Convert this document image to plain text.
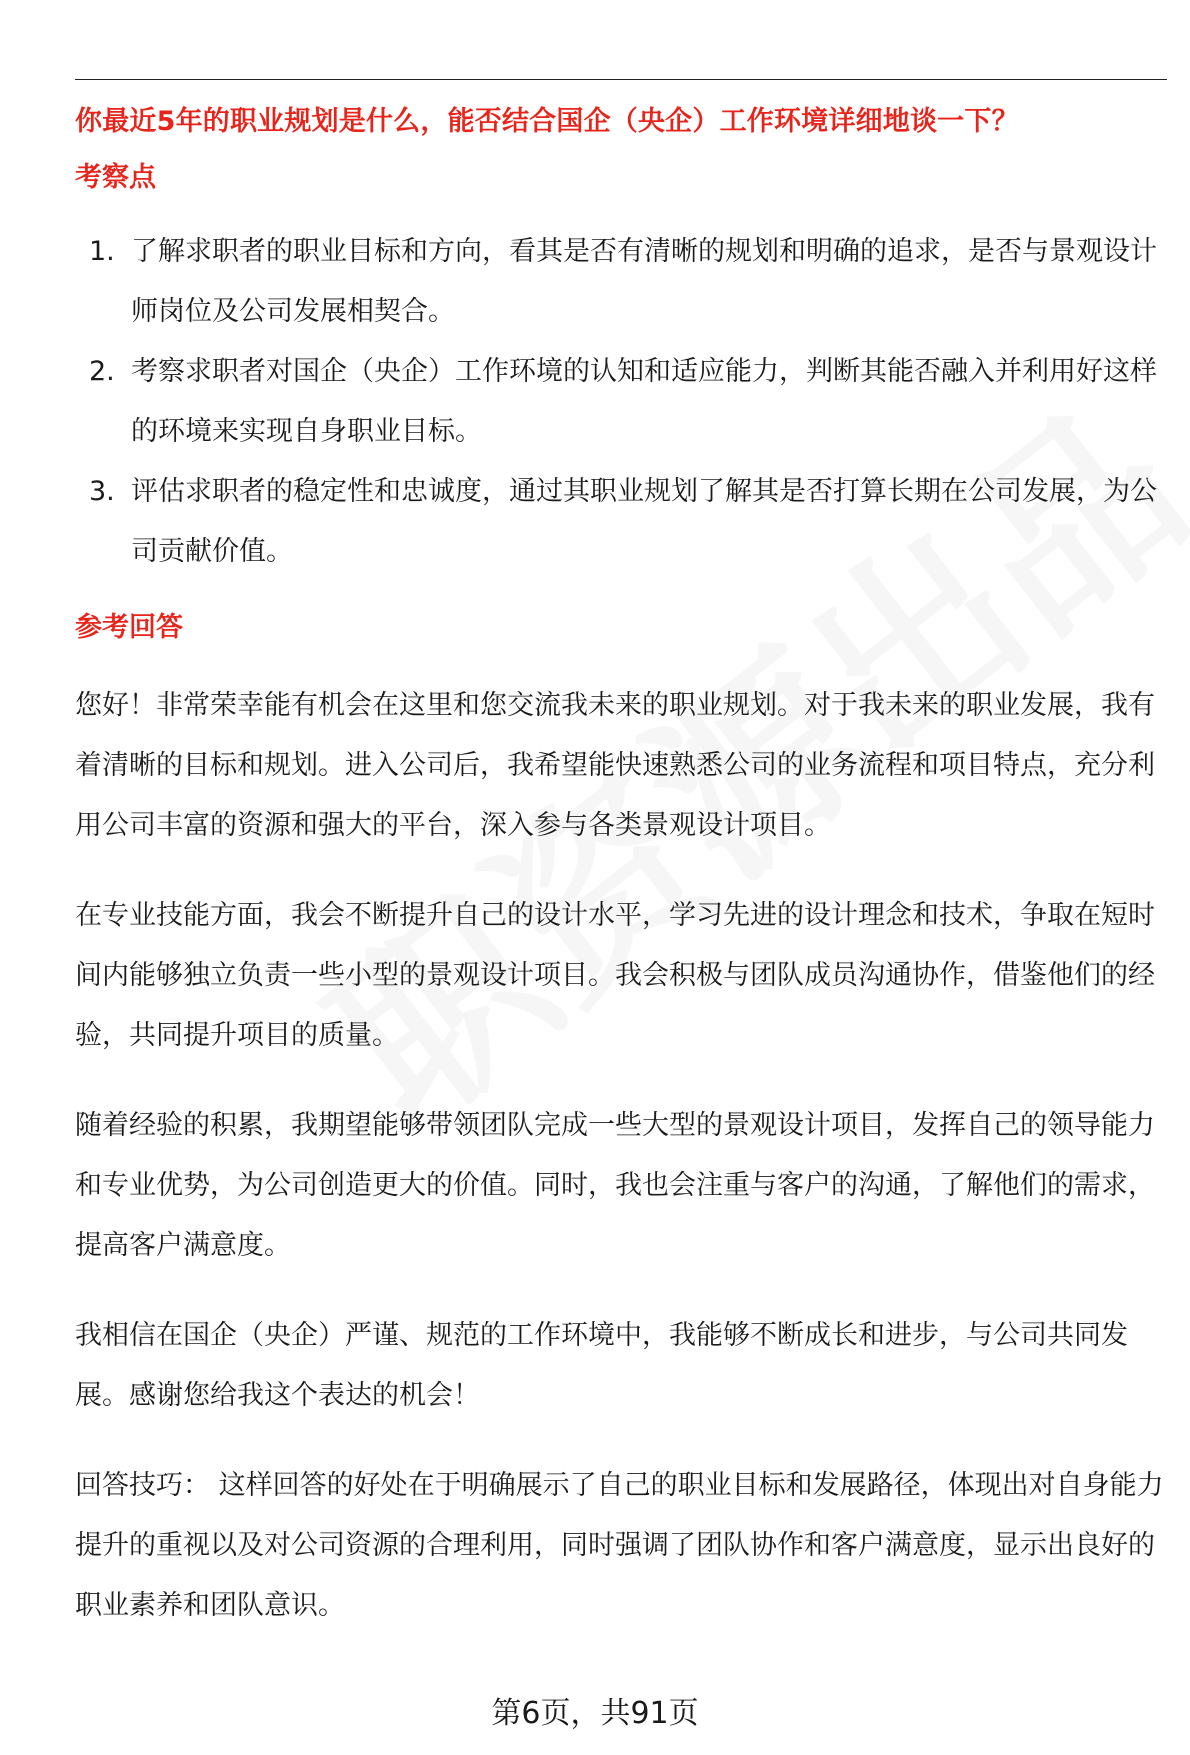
你最近5年的职业规划是什么，能否结合国企（央企）工作环境详细地谈一下？

考察点

1. 了解求职者的职业目标和方向，看其是否有清晰的规划和明确的追求，是否与景观设计师岗位及公司发展相契合。
2. 考察求职者对国企（央企）工作环境的认知和适应能力，判断其能否融入并利用好这样的环境来实现自身职业目标。
3. 评估求职者的稳定性和忠诚度，通过其职业规划了解其是否打算长期在公司发展，为公司贡献价值。

参考回答

您好！非常荣幸能有机会在这里和您交流我未来的职业规划。对于我未来的职业发展，我有着清晰的目标和规划。进入公司后，我希望能快速熟悉公司的业务流程和项目特点，充分利用公司丰富的资源和强大的平台，深入参与各类景观设计项目。

在专业技能方面，我会不断提升自己的设计水平，学习先进的设计理念和技术，争取在短时间内能够独立负责一些小型的景观设计项目。我会积极与团队成员沟通协作，借鉴他们的经验，共同提升项目的质量。

随着经验的积累，我期望能够带领团队完成一些大型的景观设计项目，发挥自己的领导能力和专业优势，为公司创造更大的价值。同时，我也会注重与客户的沟通，了解他们的需求，提高客户满意度。

我相信在国企（央企）严谨、规范的工作环境中，我能够不断成长和进步，与公司共同发展。感谢您给我这个表达的机会！

回答技巧： 这样回答的好处在于明确展示了自己的职业目标和发展路径，体现出对自身能力提升的重视以及对公司资源的合理利用，同时强调了团队协作和客户满意度，显示出良好的职业素养和团队意识。

第6页，共91页
